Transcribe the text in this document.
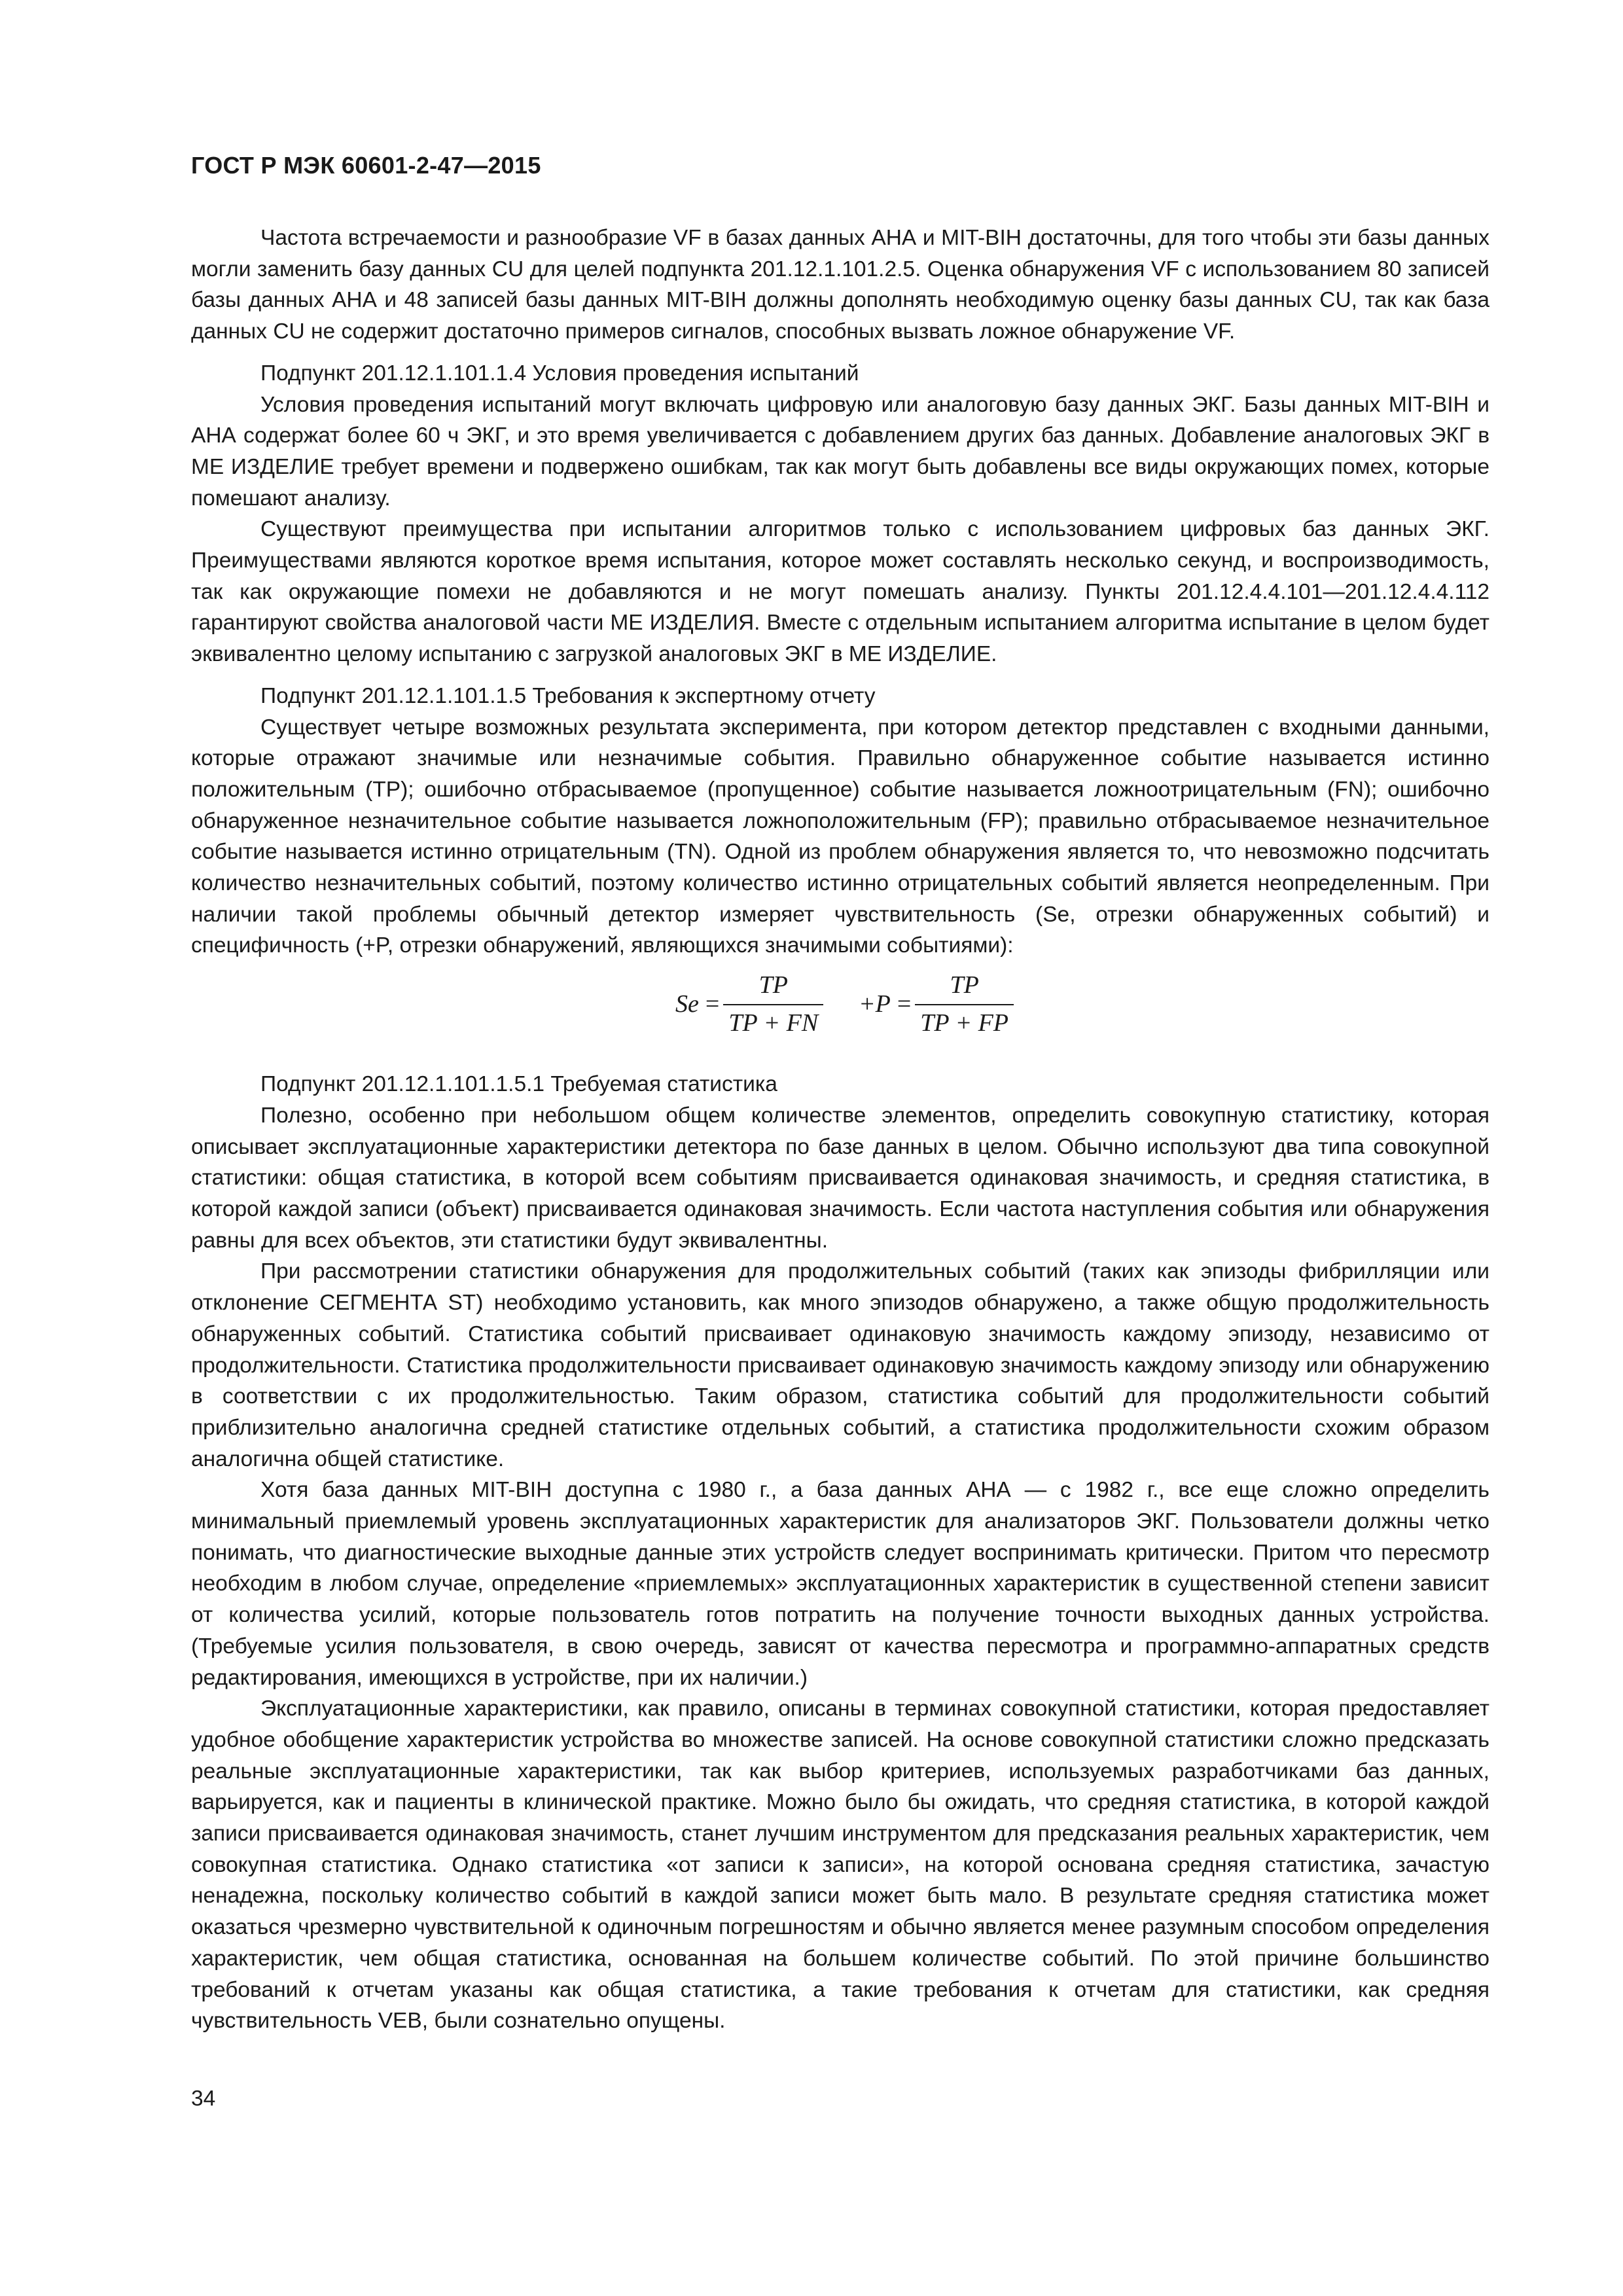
ГОСТ Р МЭК 60601-2-47—2015

Частота встречаемости и разнообразие VF в базах данных АНА и MIT-BIH достаточны, для того чтобы эти базы данных могли заменить базу данных CU для целей подпункта 201.12.1.101.2.5. Оценка обнаружения VF с использованием 80 записей базы данных АНА и 48 записей базы данных MIT-BIH должны дополнять необходимую оценку базы данных CU, так как база данных CU не содержит достаточно примеров сигналов, способных вызвать ложное обнаружение VF.

Подпункт 201.12.1.101.1.4 Условия проведения испытаний

Условия проведения испытаний могут включать цифровую или аналоговую базу данных ЭКГ. Базы данных MIT-BIH и АНА содержат более 60 ч ЭКГ, и это время увеличивается с добавлением других баз данных. Добавление аналоговых ЭКГ в МЕ ИЗДЕЛИЕ требует времени и подвержено ошибкам, так как могут быть добавлены все виды окружающих помех, которые помешают анализу.

Существуют преимущества при испытании алгоритмов только с использованием цифровых баз данных ЭКГ. Преимуществами являются короткое время испытания, которое может составлять несколько секунд, и воспроизводимость, так как окружающие помехи не добавляются и не могут помешать анализу. Пункты 201.12.4.4.101—201.12.4.4.112 гарантируют свойства аналоговой части МЕ ИЗДЕЛИЯ. Вместе с отдельным испытанием алгоритма испытание в целом будет эквивалентно целому испытанию с загрузкой аналоговых ЭКГ в МЕ ИЗДЕЛИЕ.

Подпункт 201.12.1.101.1.5 Требования к экспертному отчету

Существует четыре возможных результата эксперимента, при котором детектор представлен с входными данными, которые отражают значимые или незначимые события. Правильно обнаруженное событие называется истинно положительным (TP); ошибочно отбрасываемое (пропущенное) событие называется ложноотрицательным (FN); ошибочно обнаруженное незначительное событие называется ложноположительным (FP); правильно отбрасываемое незначительное событие называется истинно отрицательным (TN). Одной из проблем обнаружения является то, что невозможно подсчитать количество незначительных событий, поэтому количество истинно отрицательных событий является неопределенным. При наличии такой проблемы обычный детектор измеряет чувствительность (Se, отрезки обнаруженных событий) и специфичность (+P, отрезки обнаружений, являющихся значимыми событиями):

$Se = \frac{TP}{TP + FN} +P = \frac{TP}{TP + FP}$

Подпункт 201.12.1.101.1.5.1 Требуемая статистика

Полезно, особенно при небольшом общем количестве элементов, определить совокупную статистику, которая описывает эксплуатационные характеристики детектора по базе данных в целом. Обычно используют два типа совокупной статистики: общая статистика, в которой всем событиям присваивается одинаковая значимость, и средняя статистика, в которой каждой записи (объект) присваивается одинаковая значимость. Если частота наступления события или обнаружения равны для всех объектов, эти статистики будут эквивалентны.

При рассмотрении статистики обнаружения для продолжительных событий (таких как эпизоды фибрилляции или отклонение СЕГМЕНТА ST) необходимо установить, как много эпизодов обнаружено, а также общую продолжительность обнаруженных событий. Статистика событий присваивает одинаковую значимость каждому эпизоду, независимо от продолжительности. Статистика продолжительности присваивает одинаковую значимость каждому эпизоду или обнаружению в соответствии с их продолжительностью. Таким образом, статистика событий для продолжительности событий приблизительно аналогична средней статистике отдельных событий, а статистика продолжительности схожим образом аналогична общей статистике.

Хотя база данных MIT-BIH доступна с 1980 г., а база данных АНА — с 1982 г., все еще сложно определить минимальный приемлемый уровень эксплуатационных характеристик для анализаторов ЭКГ. Пользователи должны четко понимать, что диагностические выходные данные этих устройств следует воспринимать критически. Притом что пересмотр необходим в любом случае, определение «приемлемых» эксплуатационных характеристик в существенной степени зависит от количества усилий, которые пользователь готов потратить на получение точности выходных данных устройства. (Требуемые усилия пользователя, в свою очередь, зависят от качества пересмотра и программно-аппаратных средств редактирования, имеющихся в устройстве, при их наличии.)

Эксплуатационные характеристики, как правило, описаны в терминах совокупной статистики, которая предоставляет удобное обобщение характеристик устройства во множестве записей. На основе совокупной статистики сложно предсказать реальные эксплуатационные характеристики, так как выбор критериев, используемых разработчиками баз данных, варьируется, как и пациенты в клинической практике. Можно было бы ожидать, что средняя статистика, в которой каждой записи присваивается одинаковая значимость, станет лучшим инструментом для предсказания реальных характеристик, чем совокупная статистика. Однако статистика «от записи к записи», на которой основана средняя статистика, зачастую ненадежна, поскольку количество событий в каждой записи может быть мало. В результате средняя статистика может оказаться чрезмерно чувствительной к одиночным погрешностям и обычно является менее разумным способом определения характеристик, чем общая статистика, основанная на большем количестве событий. По этой причине большинство требований к отчетам указаны как общая статистика, а такие требования к отчетам для статистики, как средняя чувствительность VEB, были сознательно опущены.

34
